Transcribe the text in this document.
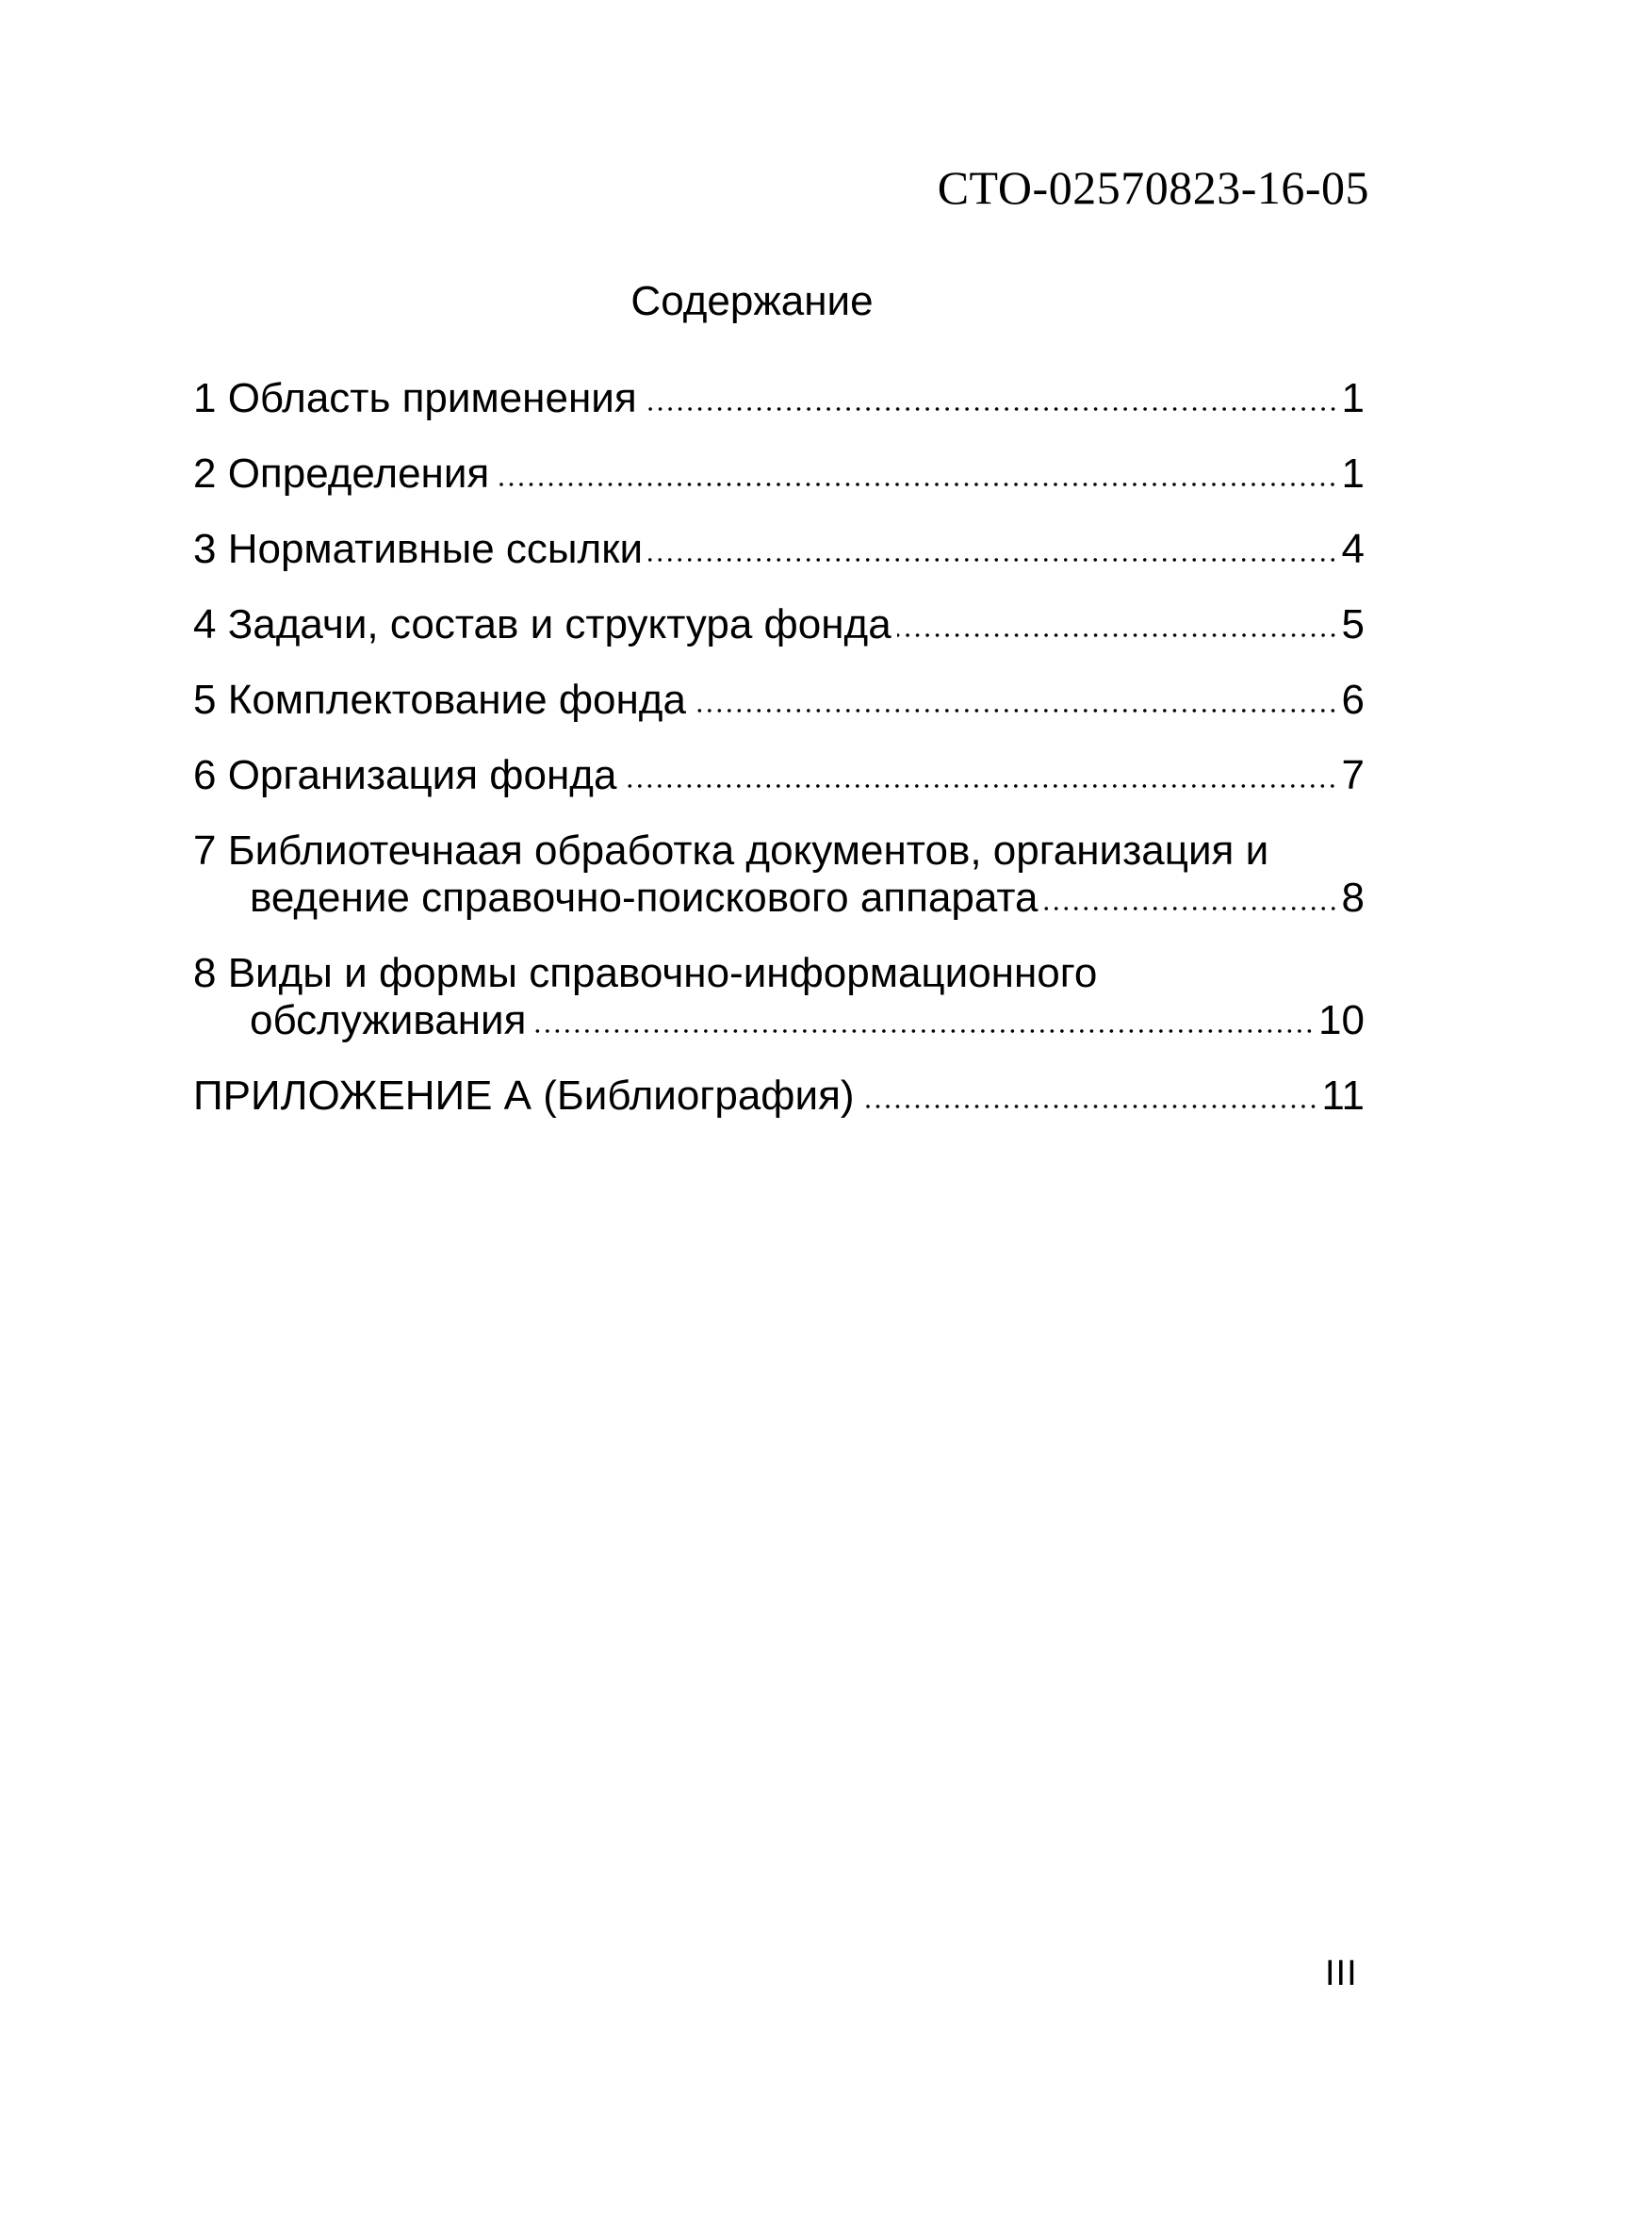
СТО-02570823-16-05
Содержание
1 Область применения	1
2 Определения	1
3 Нормативные ссылки	4
4 Задачи, состав и структура фонда	5
5 Комплектование фонда	6
6 Организация фонда	7
7 Библиотечнаая обработка документов, организация и
ведение справочно-поискового аппарата	8
8 Виды и формы справочно-информационного
обслуживания	10
ПРИЛОЖЕНИЕ А (Библиография)	11
III
